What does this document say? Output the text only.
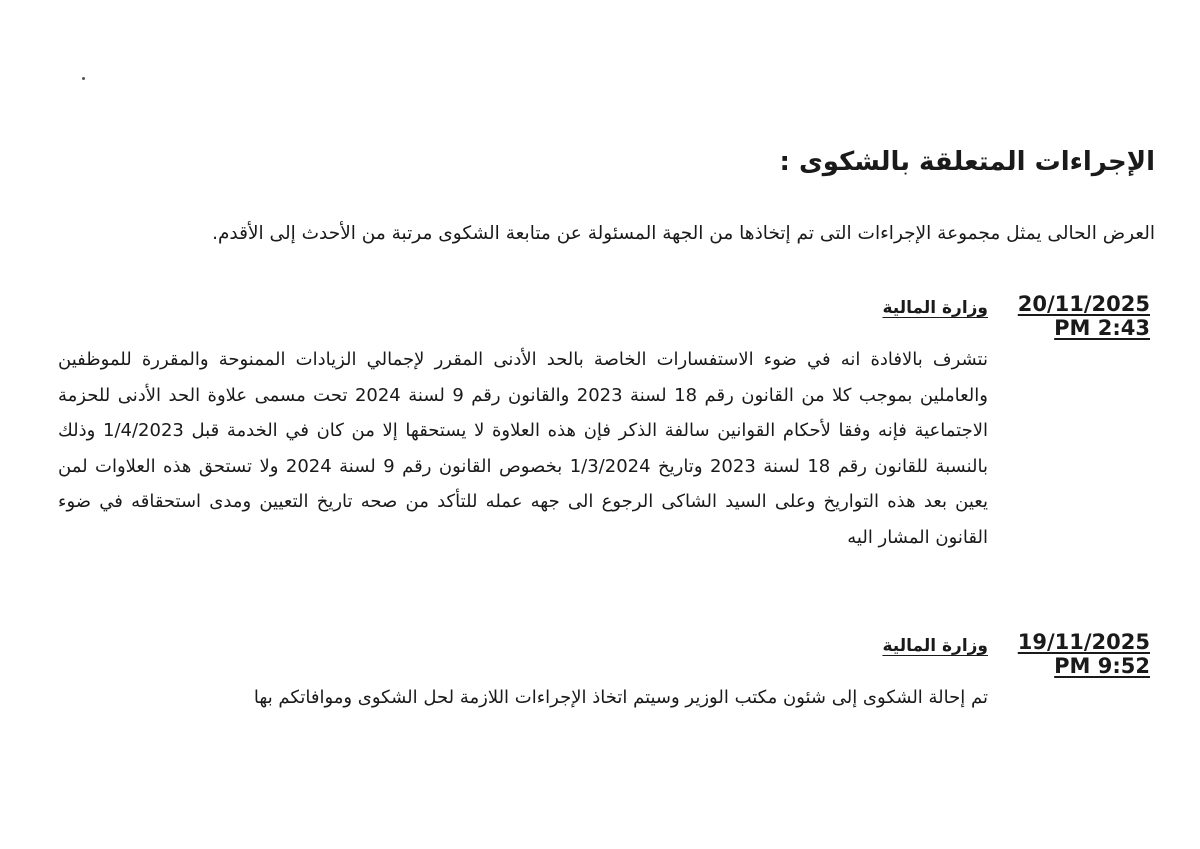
الإجراءات المتعلقة بالشكوى :

العرض الحالى يمثل مجموعة الإجراءات التى تم إتخاذها من الجهة المسئولة عن متابعة الشكوى مرتبة من الأحدث إلى الأقدم.

20/11/2025
PM 2:43
وزارة المالية

نتشرف بالافادة انه في ضوء الاستفسارات الخاصة بالحد الأدنى المقرر لإجمالي الزيادات الممنوحة والمقررة للموظفين والعاملين بموجب كلا من القانون رقم 18 لسنة 2023 والقانون رقم 9 لسنة 2024 تحت مسمى علاوة الحد الأدنى للحزمة الاجتماعية فإنه وفقا لأحكام القوانين سالفة الذكر فإن هذه العلاوة لا يستحقها إلا من كان في الخدمة قبل 1/4/2023 وذلك بالنسبة للقانون رقم 18 لسنة 2023 وتاريخ 1/3/2024 بخصوص القانون رقم 9 لسنة 2024 ولا تستحق هذه العلاوات لمن يعين بعد هذه التواريخ وعلى السيد الشاكى الرجوع الى جهه عمله للتأكد من صحه تاريخ التعيين ومدى استحقاقه في ضوء القانون المشار اليه

19/11/2025
PM 9:52
وزارة المالية

تم إحالة الشكوى إلى شئون مكتب الوزير وسيتم اتخاذ الإجراءات اللازمة لحل الشكوى وموافاتكم بها
